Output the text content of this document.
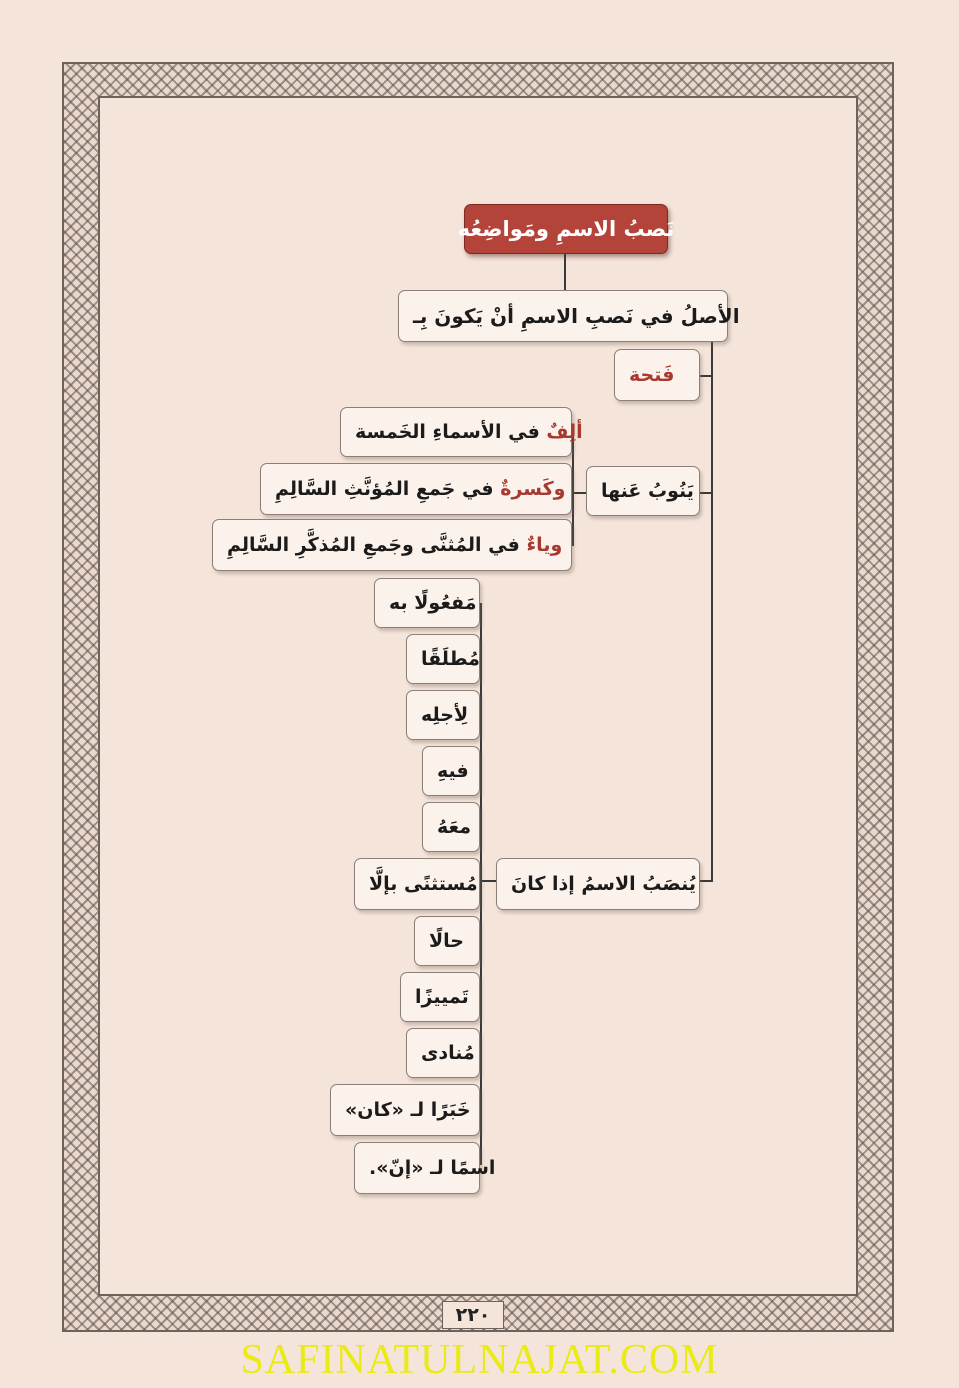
نَصبُ الاسمِ ومَواضِعُه
الأصلُ في نَصبِ الاسمِ أنْ يَكونَ بِـ
فَتحة
يَنُوبُ عَنها
ألِفٌ

في الأسماءِ الخَمسة
وكَسرةٌ

في جَمعِ المُؤنَّثِ السَّالِمِ
وياءٌ

في المُثنَّى وجَمعِ المُذكَّرِ السَّالِمِ
يُنصَبُ الاسمُ إذا كانَ
مَفعُولًا به
مُطلَقًا
لِأجلِه
فيهِ
معَهُ
مُستثنًى بإلَّا
حالًا
تَمييزًا
مُنادى
خَبَرًا لـ «كان»
اسمًا لـ «إنّ».
٢٢٠
SAFINATULNAJAT.COM
